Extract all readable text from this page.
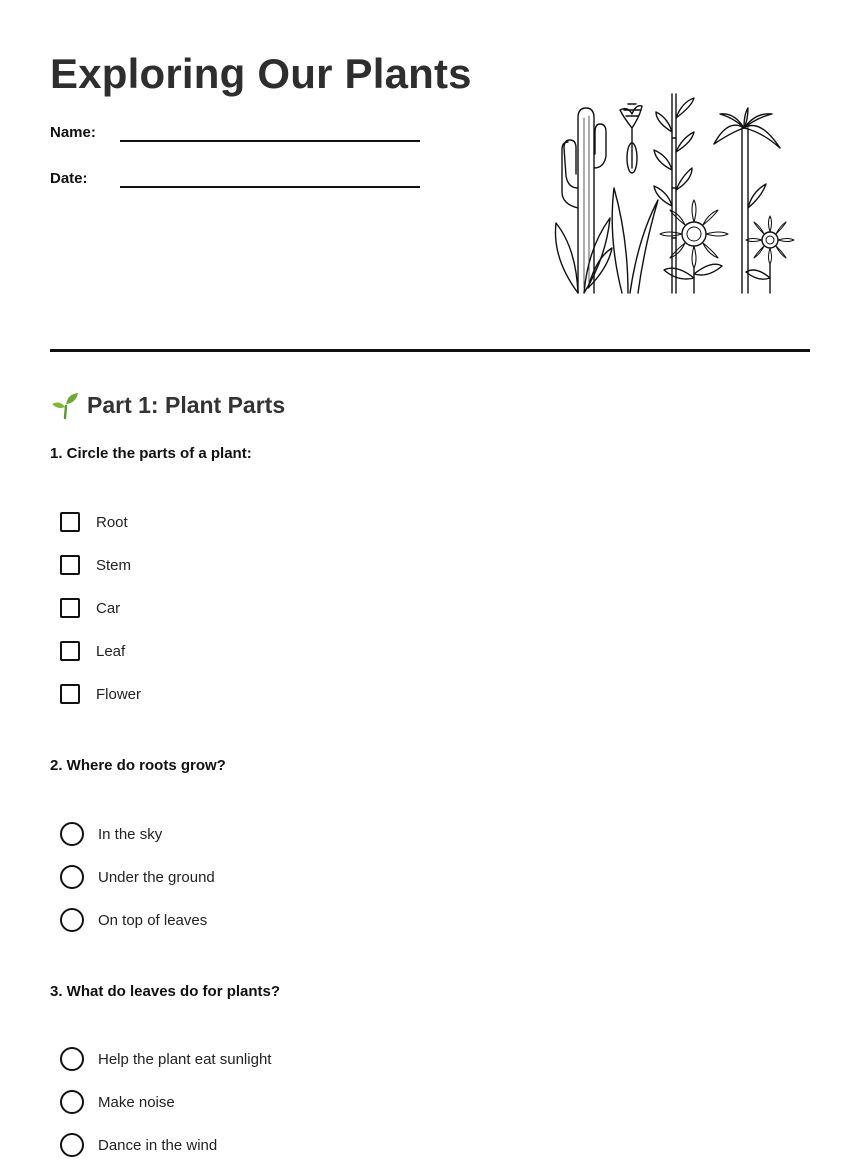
Exploring Our Plants
Name:
Date:
Part 1: Plant Parts
1. Circle the parts of a plant:
Root
Stem
Car
Leaf
Flower
2. Where do roots grow?
In the sky
Under the ground
On top of leaves
3. What do leaves do for plants?
Help the plant eat sunlight
Make noise
Dance in the wind
